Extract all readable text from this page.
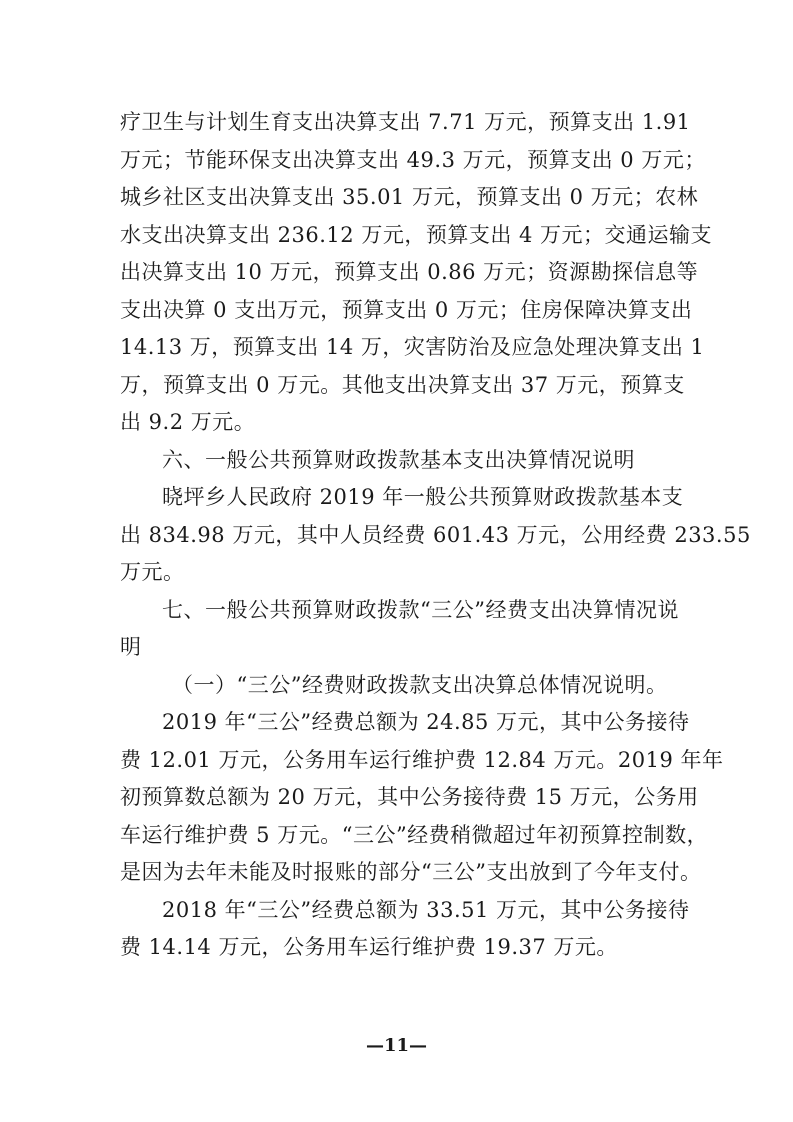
疗卫生与计划生育支出决算支出 7.71 万元，预算支出 1.91
万元；节能环保支出决算支出 49.3 万元，预算支出 0 万元；
城乡社区支出决算支出 35.01 万元，预算支出 0 万元；农林
水支出决算支出 236.12 万元，预算支出 4 万元；交通运输支
出决算支出 10 万元，预算支出 0.86 万元；资源勘探信息等
支出决算 0 支出万元，预算支出 0 万元；住房保障决算支出
14.13 万，预算支出 14 万，灾害防治及应急处理决算支出 1
万，预算支出 0 万元。其他支出决算支出 37 万元，预算支
出 9.2 万元。
六、一般公共预算财政拨款基本支出决算情况说明
晓坪乡人民政府 2019 年一般公共预算财政拨款基本支
出 834.98 万元，其中人员经费 601.43 万元，公用经费 233.55
万元。
七、一般公共预算财政拨款“三公”经费支出决算情况说
明
（一）“三公”经费财政拨款支出决算总体情况说明。
2019 年“三公”经费总额为 24.85 万元，其中公务接待
费 12.01 万元，公务用车运行维护费 12.84 万元。2019 年年
初预算数总额为 20 万元，其中公务接待费 15 万元，公务用
车运行维护费 5 万元。“三公”经费稍微超过年初预算控制数，
是因为去年未能及时报账的部分“三公”支出放到了今年支付。
2018 年“三公”经费总额为 33.51 万元，其中公务接待
费 14.14 万元，公务用车运行维护费 19.37 万元。
—11—
